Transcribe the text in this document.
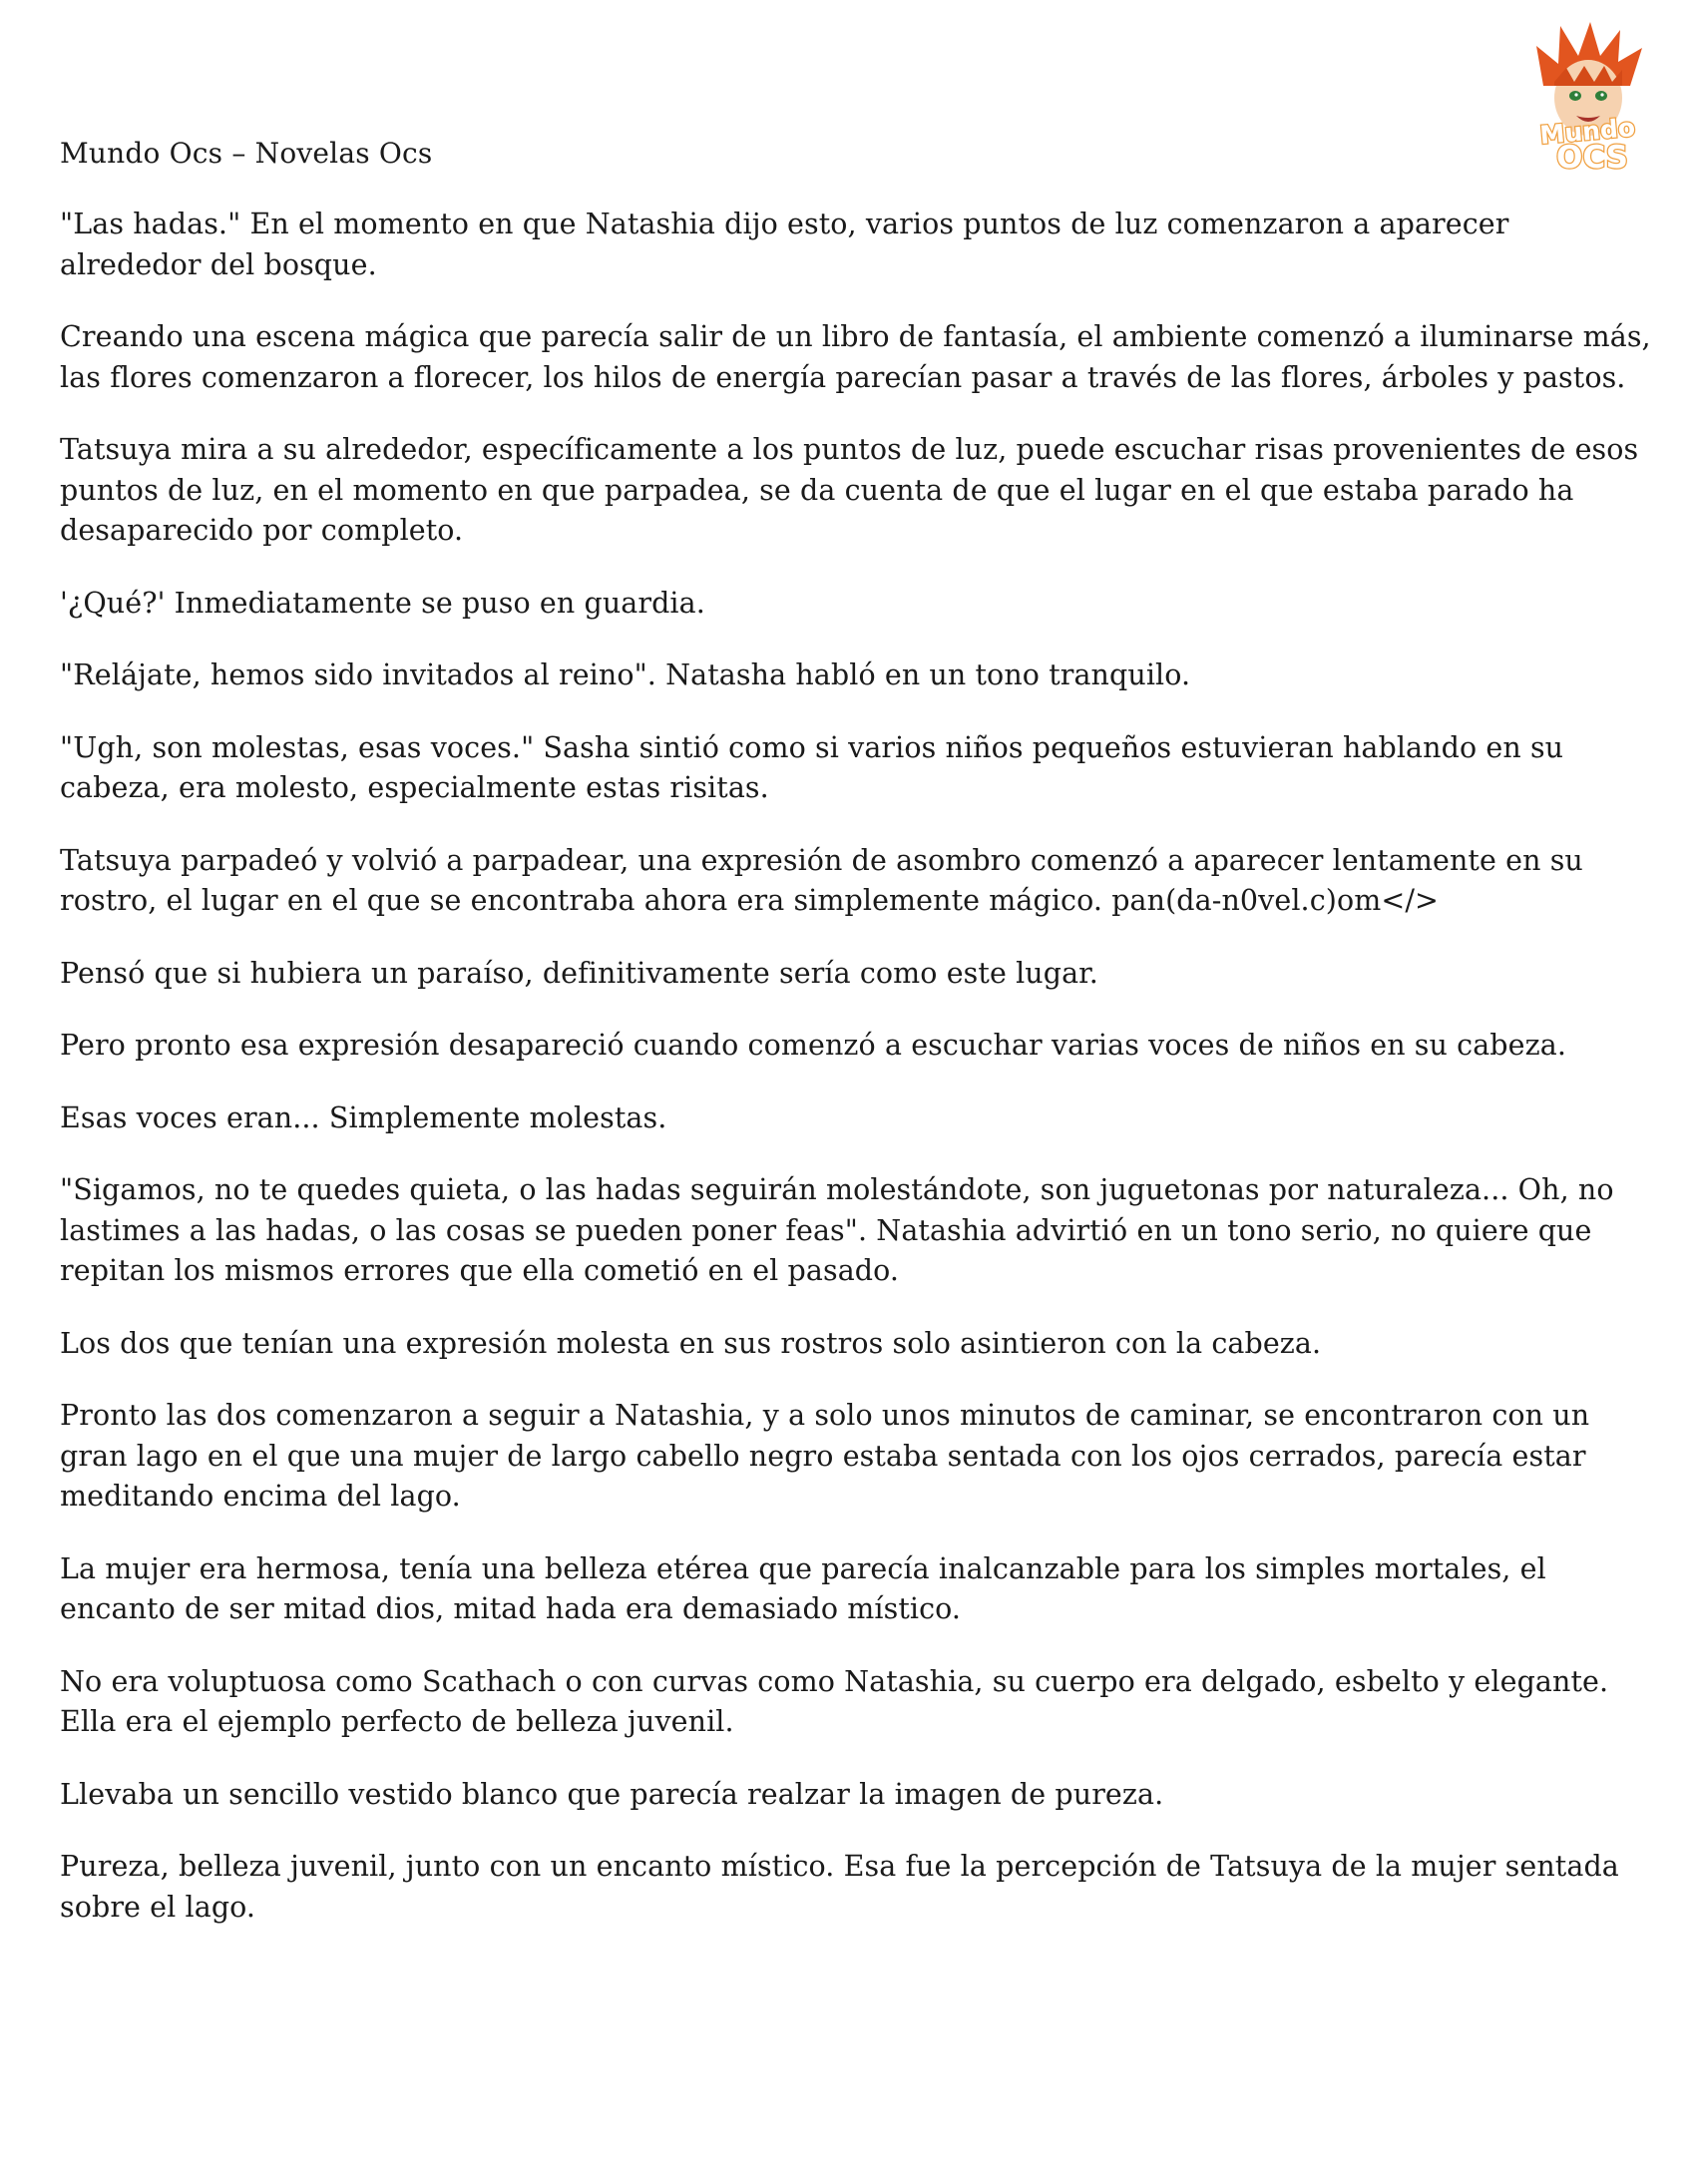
Mundo Ocs – Novelas Ocs
Mundo
OCS

"Las hadas." En el momento en que Natashia dijo esto, varios puntos de luz comenzaron a aparecer alrededor del bosque.

Creando una escena mágica que parecía salir de un libro de fantasía, el ambiente comenzó a iluminarse más, las flores comenzaron a florecer, los hilos de energía parecían pasar a través de las flores, árboles y pastos.

Tatsuya mira a su alrededor, específicamente a los puntos de luz, puede escuchar risas provenientes de esos puntos de luz, en el momento en que parpadea, se da cuenta de que el lugar en el que estaba parado ha desaparecido por completo.

'¿Qué?' Inmediatamente se puso en guardia.

"Relájate, hemos sido invitados al reino". Natasha habló en un tono tranquilo.

"Ugh, son molestas, esas voces." Sasha sintió como si varios niños pequeños estuvieran hablando en su cabeza, era molesto, especialmente estas risitas.

Tatsuya parpadeó y volvió a parpadear, una expresión de asombro comenzó a aparecer lentamente en su rostro, el lugar en el que se encontraba ahora era simplemente mágico. pan(da-n0vel.c)om</>

Pensó que si hubiera un paraíso, definitivamente sería como este lugar.

Pero pronto esa expresión desapareció cuando comenzó a escuchar varias voces de niños en su cabeza.

Esas voces eran... Simplemente molestas.

"Sigamos, no te quedes quieta, o las hadas seguirán molestándote, son juguetonas por naturaleza... Oh, no lastimes a las hadas, o las cosas se pueden poner feas". Natashia advirtió en un tono serio, no quiere que repitan los mismos errores que ella cometió en el pasado.

Los dos que tenían una expresión molesta en sus rostros solo asintieron con la cabeza.

Pronto las dos comenzaron a seguir a Natashia, y a solo unos minutos de caminar, se encontraron con un gran lago en el que una mujer de largo cabello negro estaba sentada con los ojos cerrados, parecía estar meditando encima del lago.

La mujer era hermosa, tenía una belleza etérea que parecía inalcanzable para los simples mortales, el encanto de ser mitad dios, mitad hada era demasiado místico.

No era voluptuosa como Scathach o con curvas como Natashia, su cuerpo era delgado, esbelto y elegante. Ella era el ejemplo perfecto de belleza juvenil.

Llevaba un sencillo vestido blanco que parecía realzar la imagen de pureza.

Pureza, belleza juvenil, junto con un encanto místico. Esa fue la percepción de Tatsuya de la mujer sentada sobre el lago.
